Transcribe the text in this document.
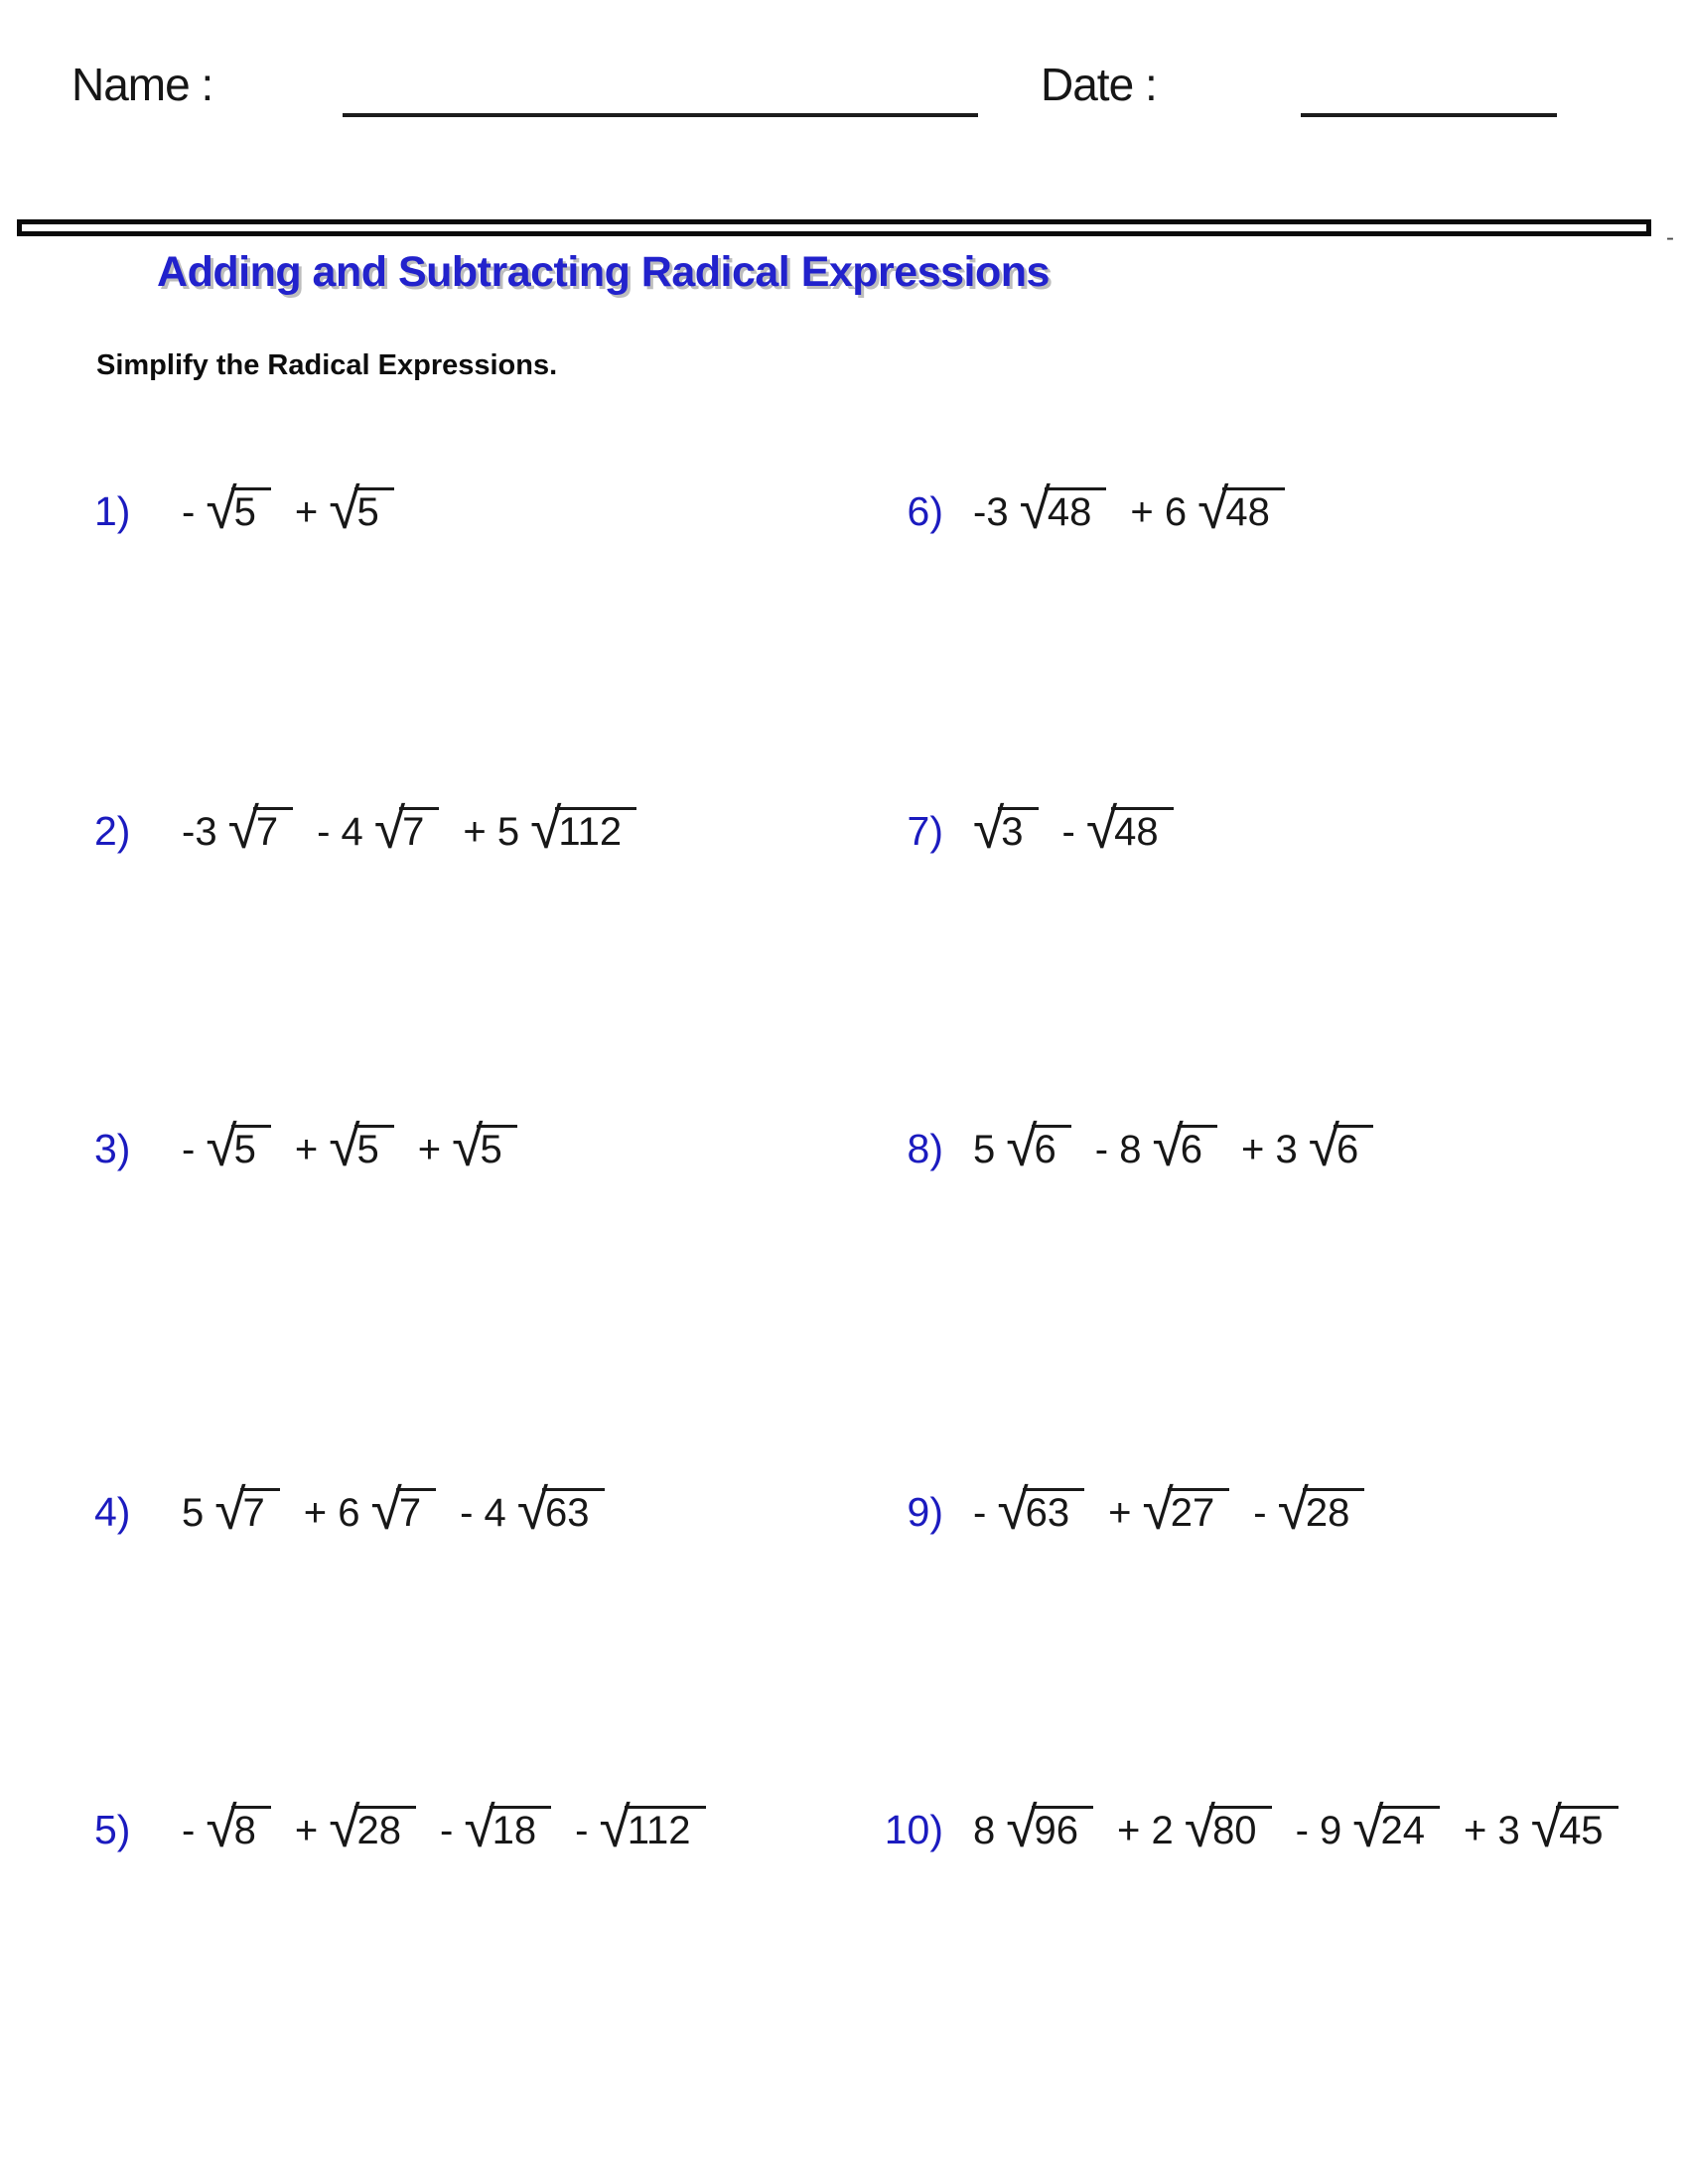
Name :	Date :
-
Adding and Subtracting Radical Expressions
Simplify the Radical Expressions.
1)	- √
5 + √
5
2)	-3 √
7 - 4 √
7 + 5 √
112
3)	- √
5 + √
5 + √
5
4)	5 √
7 + 6 √
7 - 4 √
63
5)	- √
8 + √
28 - √
18 - √
112
6) -3 √
48 + 6 √
48
7) √
3 - √
48
8) 5 √
6 - 8 √
6 + 3 √
6
9) - √
63 + √
27 - √
28
10) 8 √
96 + 2 √
80 - 9 √
24 + 3 √
45
